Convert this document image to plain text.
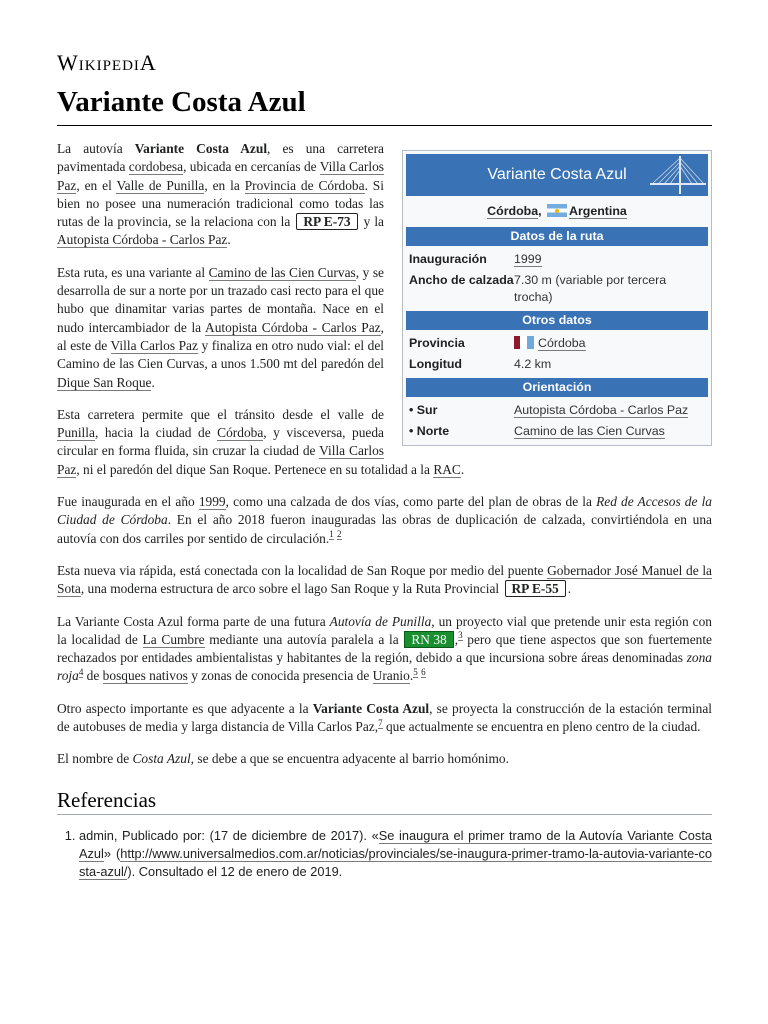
WikipediA
Variante Costa Azul
Variante Costa Azul
Córdoba, Argentina
Datos de la ruta
Inauguración	1999
Ancho de calzada 7.30 m (variable por tercera trocha)
Otros datos
Provincia	Córdoba
Longitud	4.2 km
Orientación
• Sur	Autopista Córdoba - Carlos Paz
• Norte	Camino de las Cien Curvas

La autovía Variante Costa Azul, es una carretera pavimentada cordobesa, ubicada en cercanías de Villa Carlos Paz, en el Valle de Punilla, en la Provincia de Córdoba. Si bien no posee una numeración tradicional como todas las rutas de la provincia, se la relaciona con la RP E-73 y la Autopista Córdoba - Carlos Paz.

Esta ruta, es una variante al Camino de las Cien Curvas, y se desarrolla de sur a norte por un trazado casi recto para el que hubo que dinamitar varias partes de montaña. Nace en el nudo intercambiador de la Autopista Córdoba - Carlos Paz, al este de Villa Carlos Paz y finaliza en otro nudo vial: el del Camino de las Cien Curvas, a unos 1.500 mt del paredón del Dique San Roque.

Esta carretera permite que el tránsito desde el valle de Punilla, hacia la ciudad de Córdoba, y visceversa, pueda circular en forma fluida, sin cruzar la ciudad de Villa Carlos Paz, ni el paredón del dique San Roque. Pertenece en su totalidad a la RAC.

Fue inaugurada en el año 1999, como una calzada de dos vías, como parte del plan de obras de la Red de Accesos de la Ciudad de Córdoba. En el año 2018 fueron inauguradas las obras de duplicación de calzada, convirtiéndola en una autovía con dos carriles por sentido de circulación.$^1$ $^2$

Esta nueva via rápida, está conectada con la localidad de San Roque por medio del puente Gobernador José Manuel de la Sota, una moderna estructura de arco sobre el lago San Roque y la Ruta Provincial RP E-55 .

La Variante Costa Azul forma parte de una futura Autovía de Punilla, un proyecto vial que pretende unir esta región con la localidad de La Cumbre mediante una autovía paralela a la RN 38 ,$^3$ pero que tiene aspectos que son fuertemente rechazados por entidades ambientalistas y habitantes de la región, debido a que incursiona sobre áreas denominadas zona roja$^4$ de bosques nativos y zonas de conocida presencia de Uranio.$^5$ $^6$

Otro aspecto importante es que adyacente a la Variante Costa Azul, se proyecta la construcción de la estación terminal de autobuses de media y larga distancia de Villa Carlos Paz,$^7$ que actualmente se encuentra en pleno centro de la ciudad.

El nombre de Costa Azul, se debe a que se encuentra adyacente al barrio homónimo.

Referencias
1. admin, Publicado por: (17 de diciembre de 2017). «Se inaugura el primer tramo de la Autovía Variante Costa Azul» (http://www.universalmedios.com.ar/noticias/provinciales/se-inaugura-primer-tramo-la-autovia-variante-costa-azul/). Consultado el 12 de enero de 2019.
